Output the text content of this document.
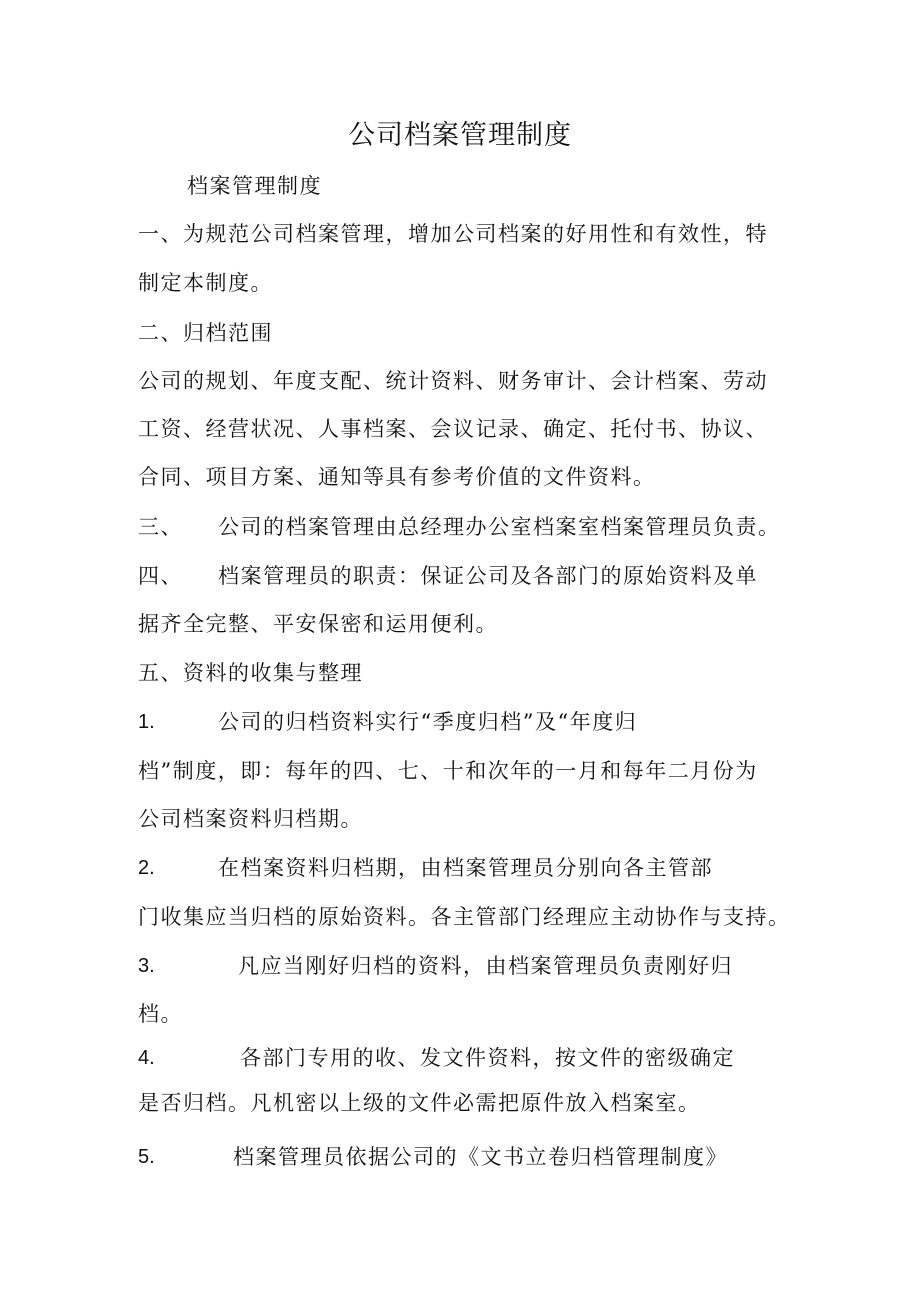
公司档案管理制度
档案管理制度
一、为规范公司档案管理，增加公司档案的好用性和有效性，特
制定本制度。
二、归档范围
公司的规划、年度支配、统计资料、财务审计、会计档案、劳动
工资、经营状况、人事档案、会议记录、确定、托付书、协议、
合同、项目方案、通知等具有参考价值的文件资料。
三、 公司的档案管理由总经理办公室档案室档案管理员负责。
四、 档案管理员的职责：保证公司及各部门的原始资料及单
据齐全完整、平安保密和运用便利。
五、资料的收集与整理
1.	公司的归档资料实行“季度归档”及“年度归
档”制度，即：每年的四、七、十和次年的一月和每年二月份为
公司档案资料归档期。
2.	在档案资料归档期，由档案管理员分别向各主管部
门收集应当归档的原始资料。各主管部门经理应主动协作与支持。
3.	凡应当刚好归档的资料，由档案管理员负责刚好归
档。
4.	各部门专用的收、发文件资料，按文件的密级确定
是否归档。凡机密以上级的文件必需把原件放入档案室。
5.	档案管理员依据公司的《文书立卷归档管理制度》
